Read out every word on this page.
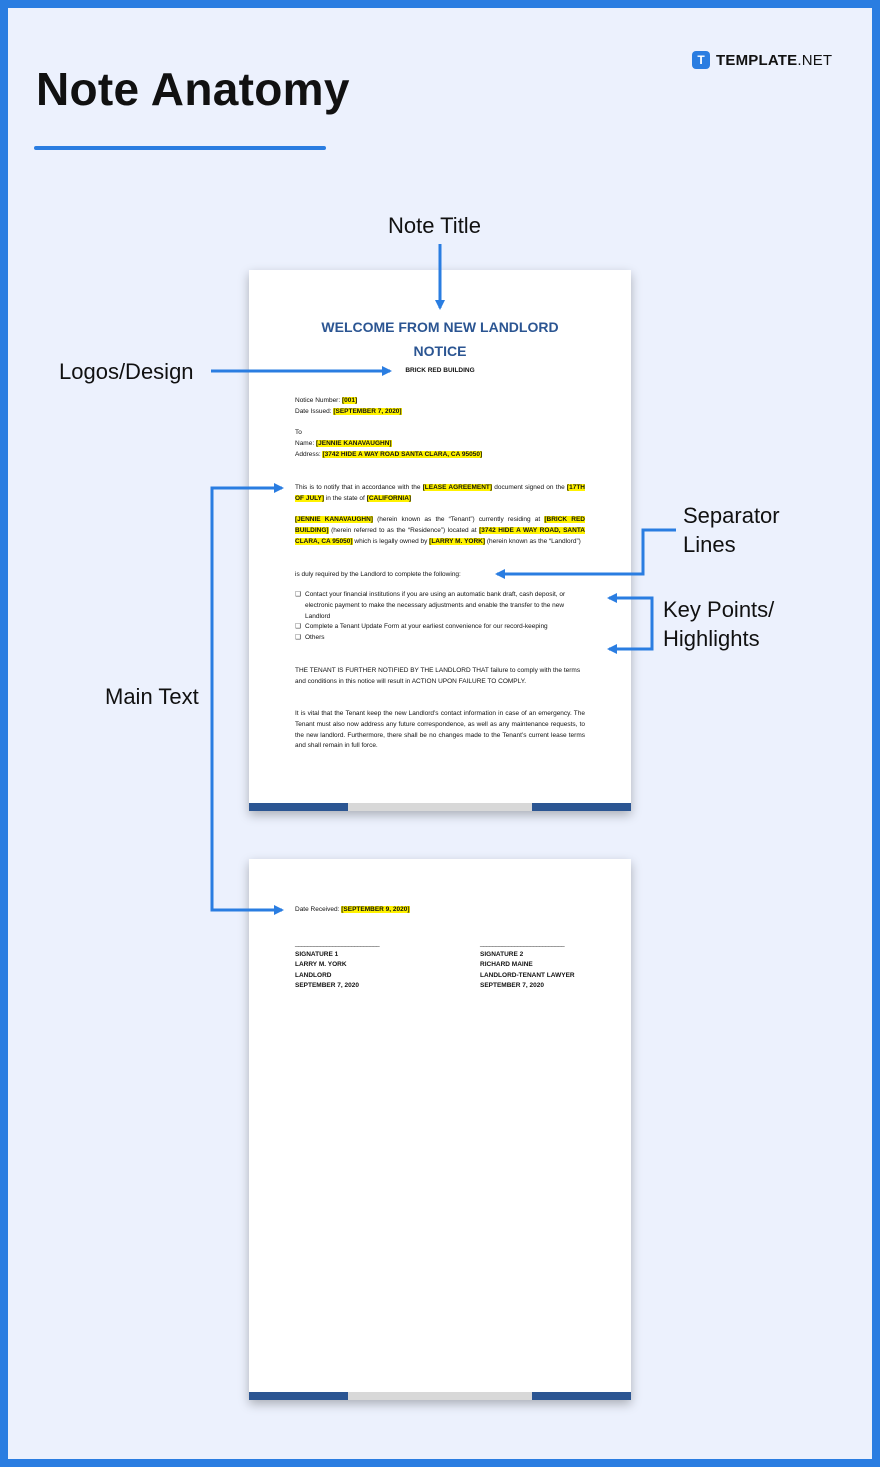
Note Anatomy
T TEMPLATE.NET
Note Title
Logos/Design
Separator
Lines
Key Points/
Highlights
Main Text
WELCOME FROM NEW LANDLORD
NOTICE
BRICK RED BUILDING

Notice Number: [001]

Date Issued: [SEPTEMBER 7, 2020]

To

Name: [JENNIE KANAVAUGHN]

Address: [3742 HIDE A WAY ROAD SANTA CLARA, CA 95050]

This is to notify that in accordance with the [LEASE AGREEMENT] document signed on the [17TH OF JULY] in the state of [CALIFORNIA]
[JENNIE KANAVAUGHN] (herein known as the “Tenant”) currently residing at [BRICK RED BUILDING] (herein referred to as the “Residence”) located at [3742 HIDE A WAY ROAD, SANTA CLARA, CA 95050] which is legally owned by [LARRY M. YORK] (herein known as the “Landlord”)
is duly required by the Landlord to complete the following:
❑ Contact your financial institutions if you are using an automatic bank draft, cash deposit, or electronic payment to make the necessary adjustments and enable the transfer to the new Landlord
❑ Complete a Tenant Update Form at your earliest convenience for our record-keeping
❑ Others
THE TENANT IS FURTHER NOTIFIED BY THE LANDLORD THAT failure to comply with the terms and conditions in this notice will result in ACTION UPON FAILURE TO COMPLY.
It is vital that the Tenant keep the new Landlord’s contact information in case of an emergency. The Tenant must also now address any future correspondence, as well as any maintenance requests, to the new landlord. Furthermore, there shall be no changes made to the Tenant’s current lease terms and shall remain in full force.
Date Received: [SEPTEMBER 9, 2020]
___________________________
SIGNATURE 1
LARRY M. YORK
LANDLORD
SEPTEMBER 7, 2020
___________________________
SIGNATURE 2
RICHARD MAINE
LANDLORD-TENANT LAWYER
SEPTEMBER 7, 2020
